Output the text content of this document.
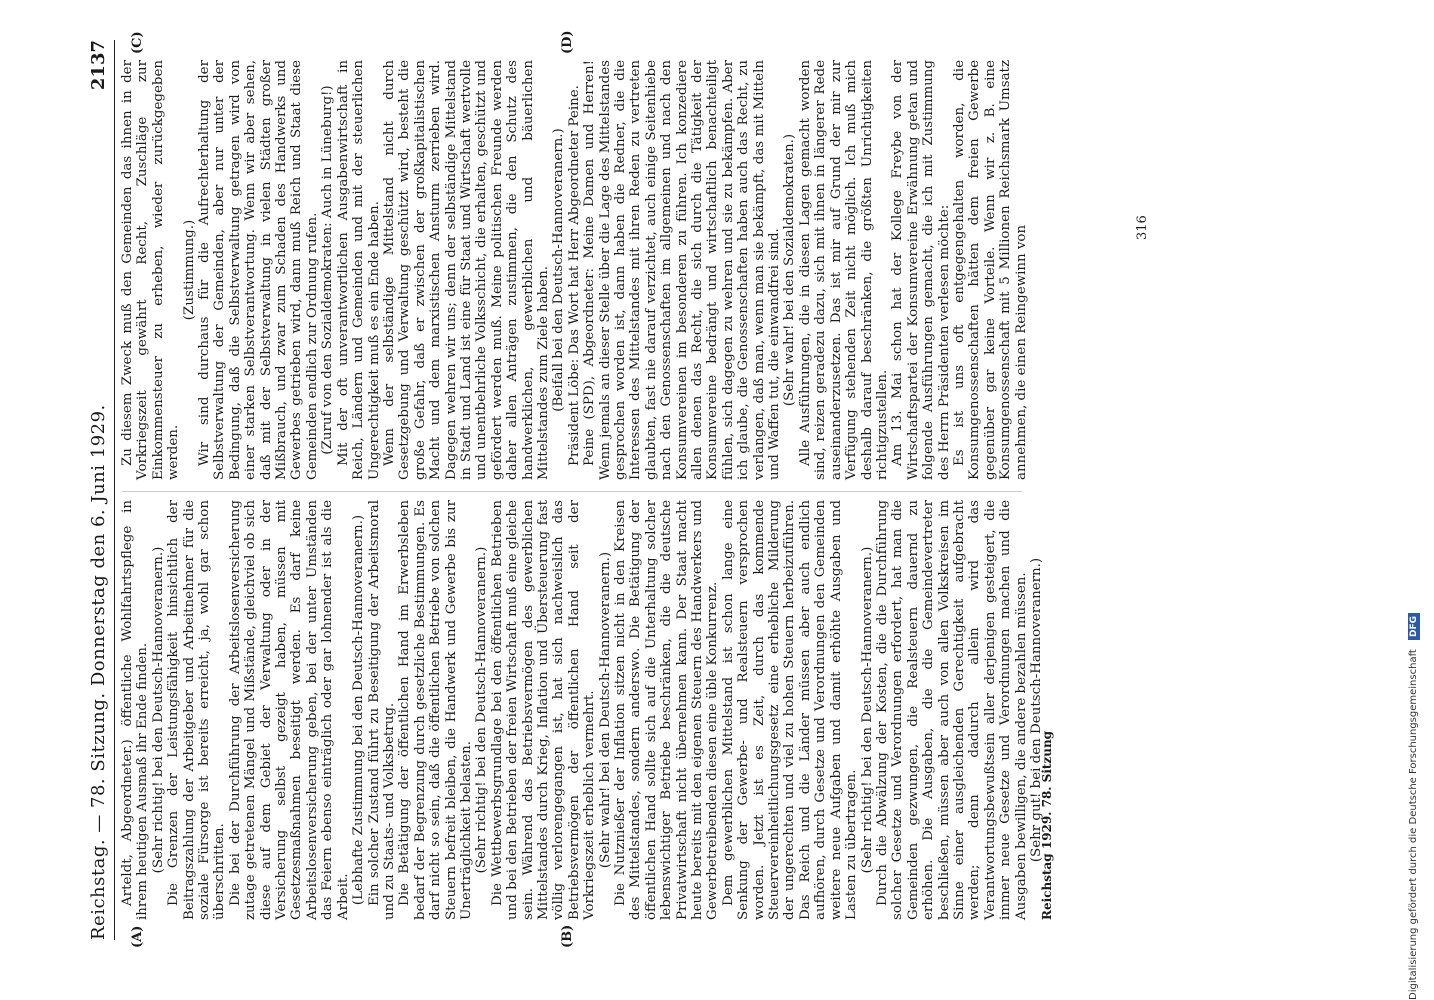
Reichstag. — 78. Sitzung. Donnerstag den 6. Juni 1929.
2137
(A)	(B)
(C)	(D)

Arteldt, Abgeordneter.) öffentliche Wohlfahrtspflege in ihrem heutigen Ausmaß ihr Ende finden. (Sehr richtig! bei den Deutsch-Hannoveranern.) Die Grenzen der Leistungsfähigkeit hinsichtlich der Beitragszahlung der Arbeitgeber und Arbeitnehmer für die soziale Fürsorge ist bereits erreicht, ja, wohl gar schon überschritten. Die bei der Durchführung der Arbeitslosenversicherung zutage getretenen Mängel und Mißstände, gleichviel ob sich diese auf dem Gebiet der Verwaltung oder in der Versicherung selbst gezeigt haben, müssen mit Gesetzesmaßnahmen beseitigt werden. Es darf keine Arbeitslosenversicherung geben, bei der unter Umständen das Feiern ebenso einträglich oder gar lohnender ist als die Arbeit. (Lebhafte Zustimmung bei den Deutsch-Hannoveranern.) Ein solcher Zustand führt zu Beseitigung der Arbeitsmoral und zu Staats- und Volksbetrug. Die Betätigung der öffentlichen Hand im Erwerbsleben bedarf der Begrenzung durch gesetzliche Bestimmungen. Es darf nicht so sein, daß die öffentlichen Betriebe von solchen Steuern befreit bleiben, die Handwerk und Gewerbe bis zur Unerträglichkeit belasten. (Sehr richtig! bei den Deutsch-Hannoveranern.) Die Wettbewerbsgrundlage bei den öffentlichen Betrieben und bei den Betrieben der freien Wirtschaft muß eine gleiche sein. Während das Betriebsvermögen des gewerblichen Mittelstandes durch Krieg, Inflation und Übersteuerung fast völlig verlorengegangen ist, hat sich nachweislich das Betriebsvermögen der öffentlichen Hand seit der Vorkriegszeit erheblich vermehrt. (Sehr wahr! bei den Deutsch-Hannoveranern.) Die Nutznießer der Inflation sitzen nicht in den Kreisen des Mittelstandes, sondern anderswo. Die Betätigung der öffentlichen Hand sollte sich auf die Unterhaltung solcher lebenswichtiger Betriebe beschränken, die die deutsche Privatwirtschaft nicht übernehmen kann. Der Staat macht heute bereits mit den eigenen Steuern des Handwerkers und Gewerbetreibenden diesen eine üble Konkurrenz. Dem gewerblichen Mittelstand ist schon lange eine Senkung der Gewerbe- und Realsteuern versprochen worden. Jetzt ist es Zeit, durch das kommende Steuervereinheitlichungsgesetz eine erhebliche Milderung der ungerechten und viel zu hohen Steuern herbeizuführen. Das Reich und die Länder müssen aber auch endlich aufhören, durch Gesetze und Verordnungen den Gemeinden weitere neue Aufgaben und damit erhöhte Ausgaben und Lasten zu übertragen. (Sehr richtig! bei den Deutsch-Hannoveranern.) Durch die Abwälzung der Kosten, die die Durchführung solcher Gesetze und Verordnungen erfordert, hat man die Gemeinden gezwungen, die Realsteuern dauernd zu erhöhen. Die Ausgaben, die die Gemeindevertreter beschließen, müssen aber auch von allen Volkskreisen im Sinne einer ausgleichenden Gerechtigkeit aufgebracht werden; denn dadurch allein wird das Verantwortungsbewußtsein aller derjenigen gesteigert, die immer neue Gesetze und Verordnungen machen und die Ausgaben bewilligen, die andere bezahlen müssen. (Sehr gut! bei den Deutsch-Hannoveranern.)

Zu diesem Zweck muß den Gemeinden das ihnen in der Vorkriegszeit gewährt Recht, Zuschläge zur Einkommensteuer zu erheben, wieder zurückgegeben werden.

(Zustimmung.) Wir sind durchaus für die Aufrechterhaltung der Selbstverwaltung der Gemeinden, aber nur unter der Bedingung, daß die Selbstverwaltung getragen wird von einer starken Selbstverantwortung. Wenn wir aber sehen, daß mit der Selbstverwaltung in vielen Städten großer Mißbrauch, und zwar zum Schaden des Handwerks und Gewerbes getrieben wird, dann muß Reich und Staat diese Gemeinden endlich zur Ordnung rufen. (Zuruf von den Sozialdemokraten: Auch in Lüneburg!) Mit der oft unverantwortlichen Ausgabenwirtschaft in Reich, Ländern und Gemeinden und mit der steuerlichen Ungerechtigkeit muß es ein Ende haben. Wenn der selbständige Mittelstand nicht durch Gesetzgebung und Verwaltung geschützt wird, besteht die große Gefahr, daß er zwischen der großkapitalistischen Macht und dem marxistischen Ansturm zerrieben wird. Dagegen wehren wir uns; denn der selbständige Mittelstand in Stadt und Land ist eine für Staat und Wirtschaft wertvolle und unentbehrliche Volksschicht, die erhalten, geschützt und gefördert werden muß. Meine politischen Freunde werden daher allen Anträgen zustimmen, die den Schutz des handwerklichen, gewerblichen und bäuerlichen Mittelstandes zum Ziele haben. (Beifall bei den Deutsch-Hannoveranern.) Präsident Löbe: Das Wort hat Herr Abgeordneter Peine. Peine (SPD), Abgeordneter: Meine Damen und Herren! Wenn jemals an dieser Stelle über die Lage des Mittelstandes gesprochen worden ist, dann haben die Redner, die die Interessen des Mittelstandes mit ihren Reden zu vertreten glaubten, fast nie darauf verzichtet, auch einige Seitenhiebe nach den Genossenschaften im allgemeinen und nach den Konsumvereinen im besonderen zu führen. Ich konzediere allen denen das Recht, die sich durch die Tätigkeit der Konsumvereine bedrängt und wirtschaftlich benachteiligt fühlen, sich dagegen zu wehren und sie zu bekämpfen. Aber ich glaube, die Genossenschaften haben auch das Recht, zu verlangen, daß man, wenn man sie bekämpft, das mit Mitteln und Waffen tut, die einwandfrei sind. (Sehr wahr! bei den Sozialdemokraten.) Alle Ausführungen, die in diesen Lagen gemacht worden sind, reizen geradezu dazu, sich mit ihnen in längerer Rede auseinanderzusetzen. Das ist mir auf Grund der mir zur Verfügung stehenden Zeit nicht möglich. Ich muß mich deshalb darauf beschränken, die größten Unrichtigkeiten richtigzustellen. Am 13. Mai schon hat der Kollege Freybe von der Wirtschaftspartei der Konsumvereine Erwähnung getan und folgende Ausführungen gemacht, die ich mit Zustimmung des Herrn Präsidenten verlesen möchte: Es ist uns oft entgegengehalten worden, die Konsumgenossenschaften hätten dem freien Gewerbe gegenüber gar keine Vorteile. Wenn wir z. B. eine Konsumgenossenschaft mit 5 Millionen Reichsmark Umsatz annehmen, die einen Reingewinn von

Reichstag 1929. 78. Sitzung
316
Digitalisierung gefördert durch die Deutsche Forschungsgemeinschaft DFG
